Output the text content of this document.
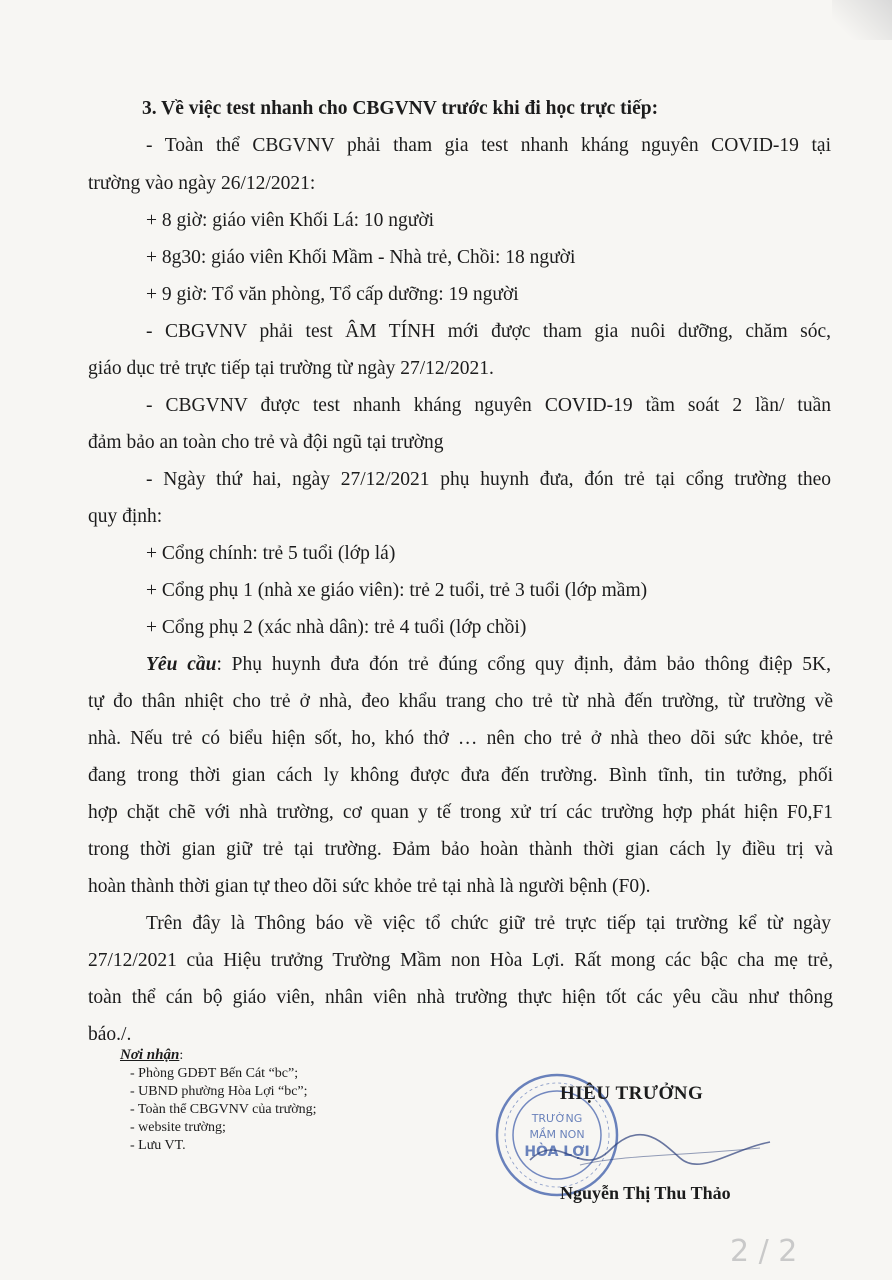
3. Về việc test nhanh cho CBGVNV trước khi đi học trực tiếp:
- Toàn thể CBGVNV phải tham gia test nhanh kháng nguyên COVID-19 tại
trường vào ngày 26/12/2021:
+ 8 giờ: giáo viên Khối Lá: 10 người
+ 8g30: giáo viên Khối Mầm - Nhà trẻ, Chồi: 18 người
+ 9 giờ: Tổ văn phòng, Tổ cấp dưỡng: 19 người
- CBGVNV phải test ÂM TÍNH mới được tham gia nuôi dưỡng, chăm sóc,
giáo dục trẻ trực tiếp tại trường từ ngày 27/12/2021.
- CBGVNV được test nhanh kháng nguyên COVID-19 tầm soát 2 lần/ tuần
đảm bảo an toàn cho trẻ và đội ngũ tại trường
- Ngày thứ hai, ngày 27/12/2021 phụ huynh đưa, đón trẻ tại cổng trường theo
quy định:
+ Cổng chính: trẻ 5 tuổi (lớp lá)
+ Cổng phụ 1 (nhà xe giáo viên): trẻ 2 tuổi, trẻ 3 tuổi (lớp mầm)
+ Cổng phụ 2 (xác nhà dân): trẻ 4 tuổi (lớp chồi)
Yêu cầu: Phụ huynh đưa đón trẻ đúng cổng quy định, đảm bảo thông điệp 5K,
tự đo thân nhiệt cho trẻ ở nhà, đeo khẩu trang cho trẻ từ nhà đến trường, từ trường về
nhà. Nếu trẻ có biểu hiện sốt, ho, khó thở … nên cho trẻ ở nhà theo dõi sức khỏe, trẻ
đang trong thời gian cách ly không được đưa đến trường. Bình tĩnh, tin tưởng, phối
hợp chặt chẽ với nhà trường, cơ quan y tế trong xử trí các trường hợp phát hiện F0,F1
trong thời gian giữ trẻ tại trường. Đảm bảo hoàn thành thời gian cách ly điều trị và
hoàn thành thời gian tự theo dõi sức khỏe trẻ tại nhà là người bệnh (F0).
Trên đây là Thông báo về việc tổ chức giữ trẻ trực tiếp tại trường kể từ ngày
27/12/2021 của Hiệu trưởng Trường Mầm non Hòa Lợi. Rất mong các bậc cha mẹ trẻ,
toàn thể cán bộ giáo viên, nhân viên nhà trường thực hiện tốt các yêu cầu như thông
báo./.
Nơi nhận:
- Phòng GDĐT Bến Cát “bc”;
- UBND phường Hòa Lợi “bc”;
- Toàn thể CBGVNV của trường;
- website trường;
- Lưu VT.
TRƯỜNG
MẦM NON
HÒA LỢI
HIỆU TRƯỞNG
Nguyễn Thị Thu Thảo
2 / 2
